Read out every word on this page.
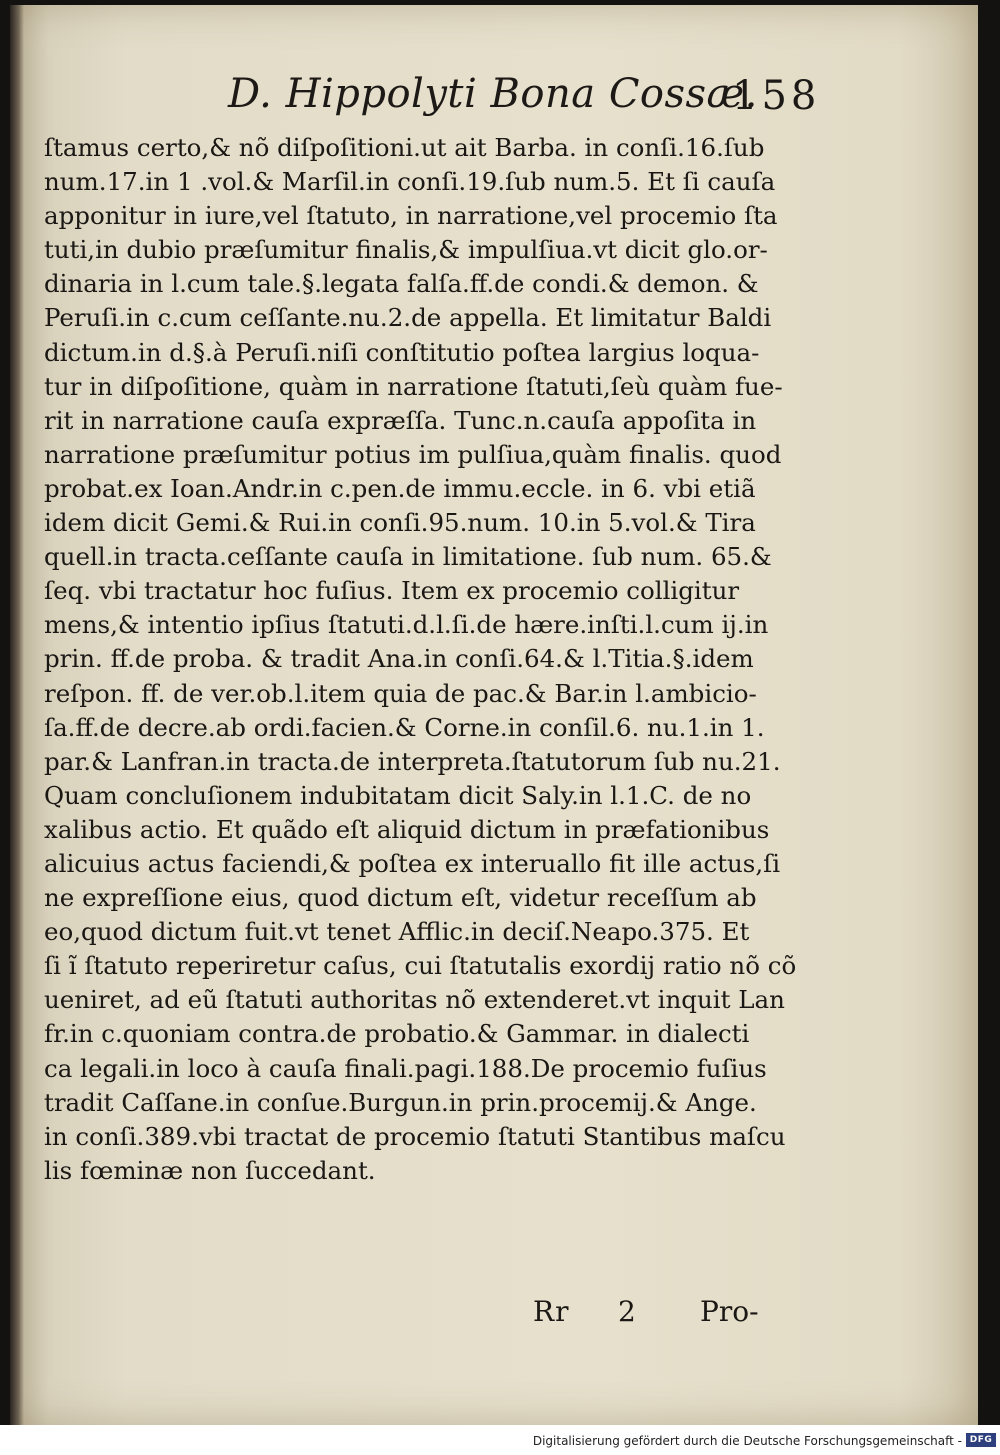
D. Hippolyti Bona Cossæ.
158
ſtamus certo,& nõ diſpoſitioni.ut ait Barba. in conſi.16.ſub
num.17.in 1 .vol.& Marſil.in conſi.19.ſub num.5. Et ſi cauſa
apponitur in iure,vel ſtatuto, in narratione,vel procemio ſta
tuti,in dubio præſumitur finalis,& impulſiua.vt dicit glo.or-
dinaria in l.cum tale.§.legata falſa.ff.de condi.& demon. &
Peruſi.in c.cum ceſſante.nu.2.de appella. Et limitatur Baldi
dictum.in d.§.à Peruſi.niſi conſtitutio poſtea largius loqua-
tur in diſpoſitione, quàm in narratione ſtatuti,ſeù quàm fue-
rit in narratione cauſa expræſſa. Tunc.n.cauſa appoſita in
narratione præſumitur potius im pulſiua,quàm finalis. quod
probat.ex Ioan.Andr.in c.pen.de immu.eccle. in 6. vbi etiã
idem dicit Gemi.& Rui.in conſi.95.num. 10.in 5.vol.& Tira
quell.in tracta.ceſſante cauſa in limitatione. ſub num. 65.&
ſeq. vbi tractatur hoc fuſius. Item ex procemio colligitur
mens,& intentio ipſius ſtatuti.d.l.ſi.de hære.inſti.l.cum ij.in
prin. ff.de proba. & tradit Ana.in conſi.64.& l.Titia.§.idem
reſpon. ff. de ver.ob.l.item quia de pac.& Bar.in l.ambicio-
ſa.ff.de decre.ab ordi.facien.& Corne.in conſil.6. nu.1.in 1.
par.& Lanfran.in tracta.de interpreta.ſtatutorum ſub nu.21.
Quam concluſionem indubitatam dicit Saly.in l.1.C. de no
xalibus actio. Et quãdo eſt aliquid dictum in præfationibus
alicuius actus faciendi,& poſtea ex interuallo fit ille actus,ſi
ne expreſſione eius, quod dictum eſt, videtur receſſum ab
eo,quod dictum fuit.vt tenet Afflic.in deciſ.Neapo.375. Et
ſi ĩ ſtatuto reperiretur caſus, cui ſtatutalis exordij ratio nõ cõ
ueniret, ad eũ ſtatuti authoritas nõ extenderet.vt inquit Lan
fr.in c.quoniam contra.de probatio.& Gammar. in dialecti
ca legali.in loco à cauſa finali.pagi.188.De procemio fuſius
tradit Caſſane.in conſue.Burgun.in prin.procemij.& Ange.
in conſi.389.vbi tractat de procemio ſtatuti Stantibus maſcu
lis fœminæ non ſuccedant.
Rr 2 Pro-
Digitalisierung gefördert durch die Deutsche Forschungsgemeinschaft - DFG
